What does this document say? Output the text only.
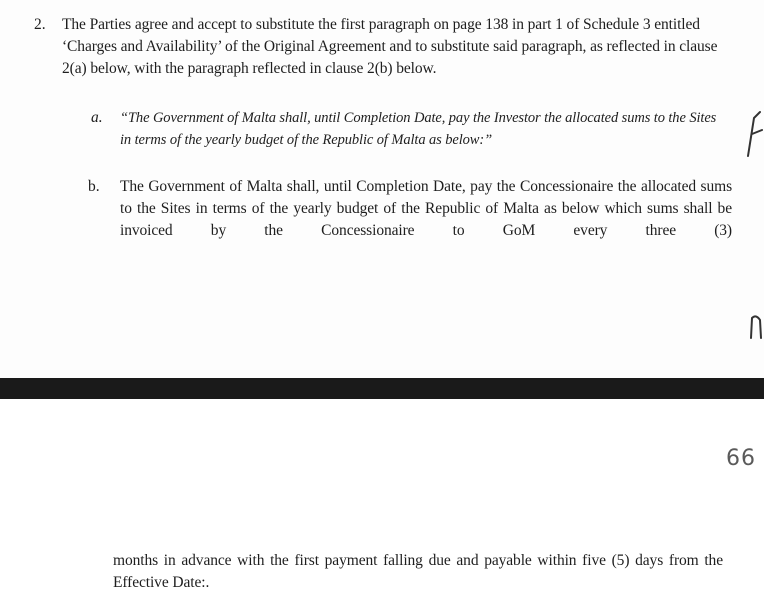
2. The Parties agree and accept to substitute the first paragraph on page 138 in part 1 of Schedule 3 entitled ‘Charges and Availability’ of the Original Agreement and to substitute said paragraph, as reflected in clause 2(a) below, with the paragraph reflected in clause 2(b) below.
a. “The Government of Malta shall, until Completion Date, pay the Investor the allocated sums to the Sites in terms of the yearly budget of the Republic of Malta as below:”
b. The Government of Malta shall, until Completion Date, pay the Concessionaire the allocated sums to the Sites in terms of the yearly budget of the Republic of Malta as below which sums shall be invoiced by the Concessionaire to GoM every three (3)
66
months in advance with the first payment falling due and payable within five (5) days from the Effective Date:.
